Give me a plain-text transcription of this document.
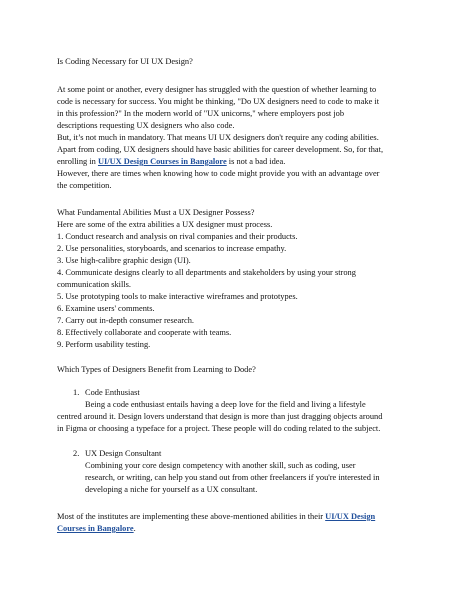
Is Coding Necessary for UI UX Design?
At some point or another, every designer has struggled with the question of whether learning to
code is necessary for success. You might be thinking, "Do UX designers need to code to make it
in this profession?" In the modern world of "UX unicorns," where employers post job
descriptions requesting UX designers who also code.
But, it’s not much in mandatory. That means UI UX designers don't require any coding abilities.
Apart from coding, UX designers should have basic abilities for career development. So, for that,
enrolling in UI/UX Design Courses in Bangalore is not a bad idea.
However, there are times when knowing how to code might provide you with an advantage over
the competition.
What Fundamental Abilities Must a UX Designer Possess?
Here are some of the extra abilities a UX designer must process.
1. Conduct research and analysis on rival companies and their products.
2. Use personalities, storyboards, and scenarios to increase empathy.
3. Use high-calibre graphic design (UI).
4. Communicate designs clearly to all departments and stakeholders by using your strong
communication skills.
5. Use prototyping tools to make interactive wireframes and prototypes.
6. Examine users' comments.
7. Carry out in-depth consumer research.
8. Effectively collaborate and cooperate with teams.
9. Perform usability testing.
Which Types of Designers Benefit from Learning to Dode?
1. Code Enthusiast
Being a code enthusiast entails having a deep love for the field and living a lifestyle
centred around it. Design lovers understand that design is more than just dragging objects around
in Figma or choosing a typeface for a project. These people will do coding related to the subject.
2. UX Design Consultant
Combining your core design competency with another skill, such as coding, user
research, or writing, can help you stand out from other freelancers if you're interested in
developing a niche for yourself as a UX consultant.
Most of the institutes are implementing these above-mentioned abilities in their UI/UX Design
Courses in Bangalore.
